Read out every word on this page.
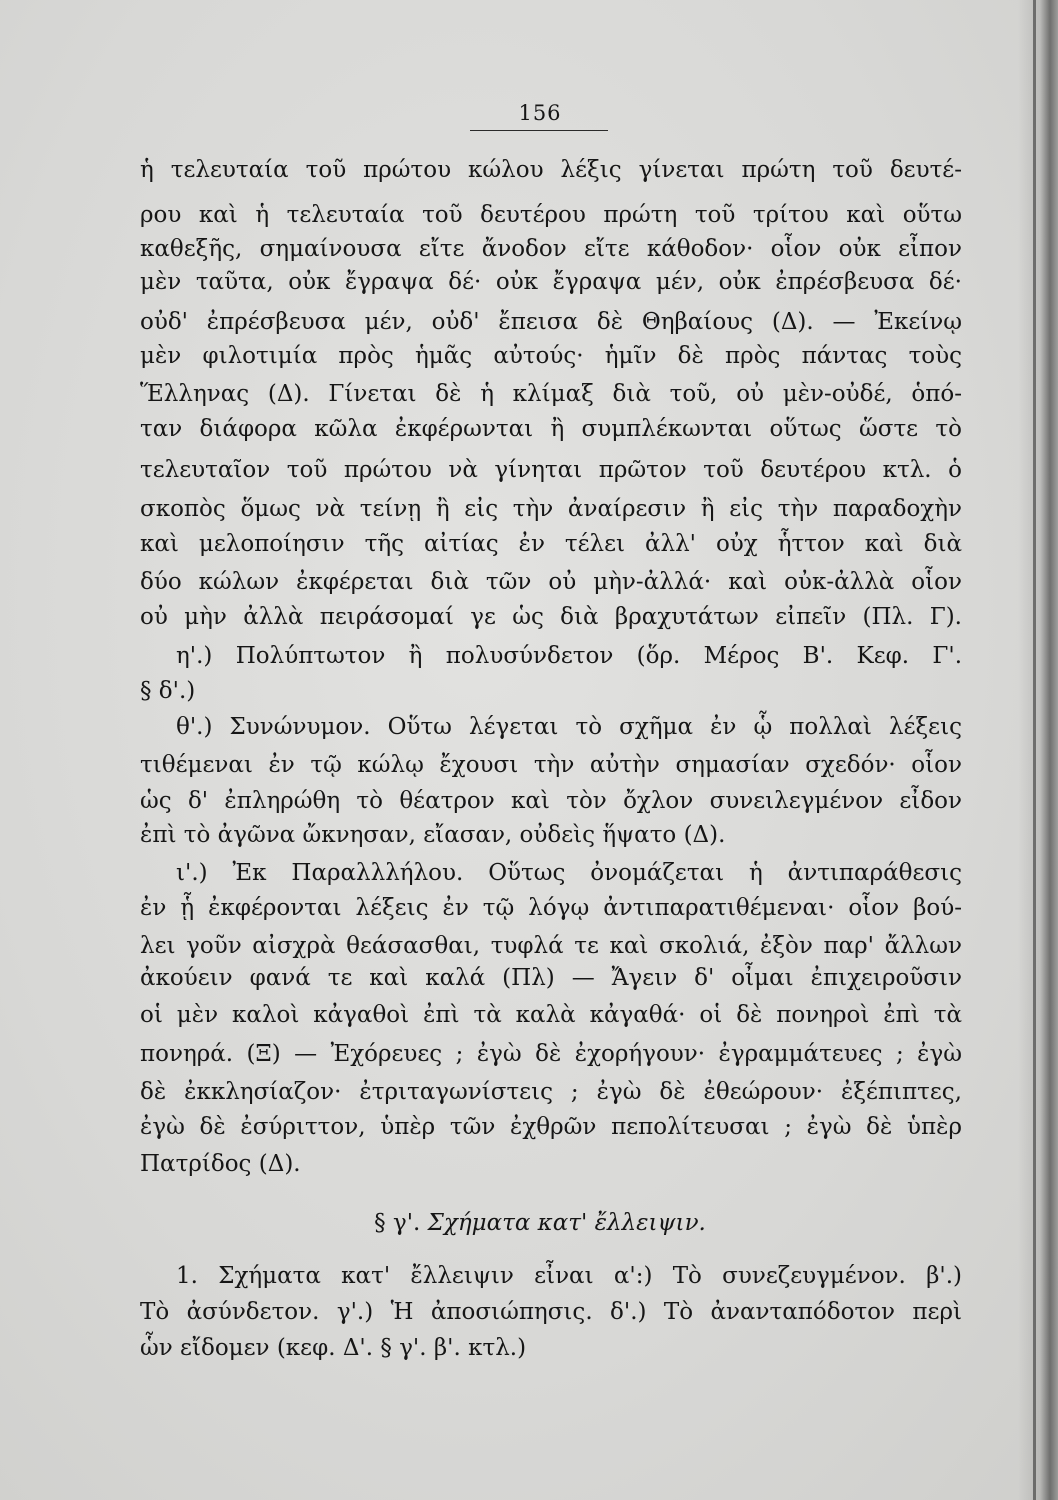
156
ἡ τελευταία τοῦ πρώτου κώλου λέξις γίνεται πρώτη τοῦ δευτέ-
ρου καὶ ἡ τελευταία τοῦ δευτέρου πρώτη τοῦ τρίτου καὶ οὕτω
καθεξῆς, σημαίνουσα εἴτε ἄνοδον εἴτε κάθοδον· οἷον οὐκ εἶπον
μὲν ταῦτα, οὐκ ἔγραψα δέ· οὐκ ἔγραψα μέν, οὐκ ἐπρέσβευσα δέ·
οὐδ' ἐπρέσβευσα μέν, οὐδ' ἔπεισα δὲ Θηβαίους (Δ). — Ἐκείνῳ
μὲν φιλοτιμία πρὸς ἡμᾶς αὐτούς· ἡμῖν δὲ πρὸς πάντας τοὺς
Ἕλληνας (Δ). Γίνεται δὲ ἡ κλίμαξ διὰ τοῦ, οὐ μὲν-οὐδέ, ὁπό-
ταν διάφορα κῶλα ἐκφέρωνται ἢ συμπλέκωνται οὕτως ὥστε τὸ
τελευταῖον τοῦ πρώτου νὰ γίνηται πρῶτον τοῦ δευτέρου κτλ. ὁ
σκοπὸς ὅμως νὰ τείνῃ ἢ εἰς τὴν ἀναίρεσιν ἢ εἰς τὴν παραδοχὴν
καὶ μελοποίησιν τῆς αἰτίας ἐν τέλει ἀλλ' οὐχ ἧττον καὶ διὰ
δύο κώλων ἐκφέρεται διὰ τῶν οὐ μὴν-ἀλλά· καὶ οὐκ-ἀλλὰ οἷον
οὐ μὴν ἀλλὰ πειράσομαί γε ὡς διὰ βραχυτάτων εἰπεῖν (Πλ. Γ).
η'.) Πολύπτωτον ἢ πολυσύνδετον (ὅρ. Μέρος Β'. Κεφ. Γ'.
§ δ'.)
θ'.) Συνώνυμον. Οὕτω λέγεται τὸ σχῆμα ἐν ᾧ πολλαὶ λέξεις
τιθέμεναι ἐν τῷ κώλῳ ἔχουσι τὴν αὐτὴν σημασίαν σχεδόν· οἷον
ὡς δ' ἐπληρώθη τὸ θέατρον καὶ τὸν ὄχλον συνειλεγμένον εἶδον
ἐπὶ τὸ ἀγῶνα ὤκνησαν, εἴασαν, οὐδεὶς ἥψατο (Δ).
ι'.) Ἐκ Παραλλλήλου. Οὕτως ὀνομάζεται ἡ ἀντιπαράθεσις
ἐν ᾗ ἐκφέρονται λέξεις ἐν τῷ λόγῳ ἀντιπαρατιθέμεναι· οἷον βού-
λει γοῦν αἰσχρὰ θεάσασθαι, τυφλά τε καὶ σκολιά, ἐξὸν παρ' ἄλλων
ἀκούειν φανά τε καὶ καλά (Πλ) — Ἄγειν δ' οἶμαι ἐπιχειροῦσιν
οἱ μὲν καλοὶ κἀγαθοὶ ἐπὶ τὰ καλὰ κἀγαθά· οἱ δὲ πονηροὶ ἐπὶ τὰ
πονηρά. (Ξ) — Ἐχόρευες ; ἐγὼ δὲ ἐχορήγουν· ἐγραμμάτευες ; ἐγὼ
δὲ ἐκκλησίαζον· ἐτριταγωνίστεις ; ἐγὼ δὲ ἐθεώρουν· ἐξέπιπτες,
ἐγὼ δὲ ἐσύριττον, ὑπὲρ τῶν ἐχθρῶν πεπολίτευσαι ; ἐγὼ δὲ ὑπὲρ
Πατρίδος (Δ).
§ γ'. Σχήματα κατ' ἔλλειψιν.
1. Σχήματα κατ' ἔλλειψιν εἶναι α':) Τὸ συνεζευγμένον. β'.)
Τὸ ἀσύνδετον. γ'.) Ἡ ἀποσιώπησις. δ'.) Τὸ ἀνανταπόδοτον περὶ
ὧν εἴδομεν (κεφ. Δ'. § γ'. β'. κτλ.)
